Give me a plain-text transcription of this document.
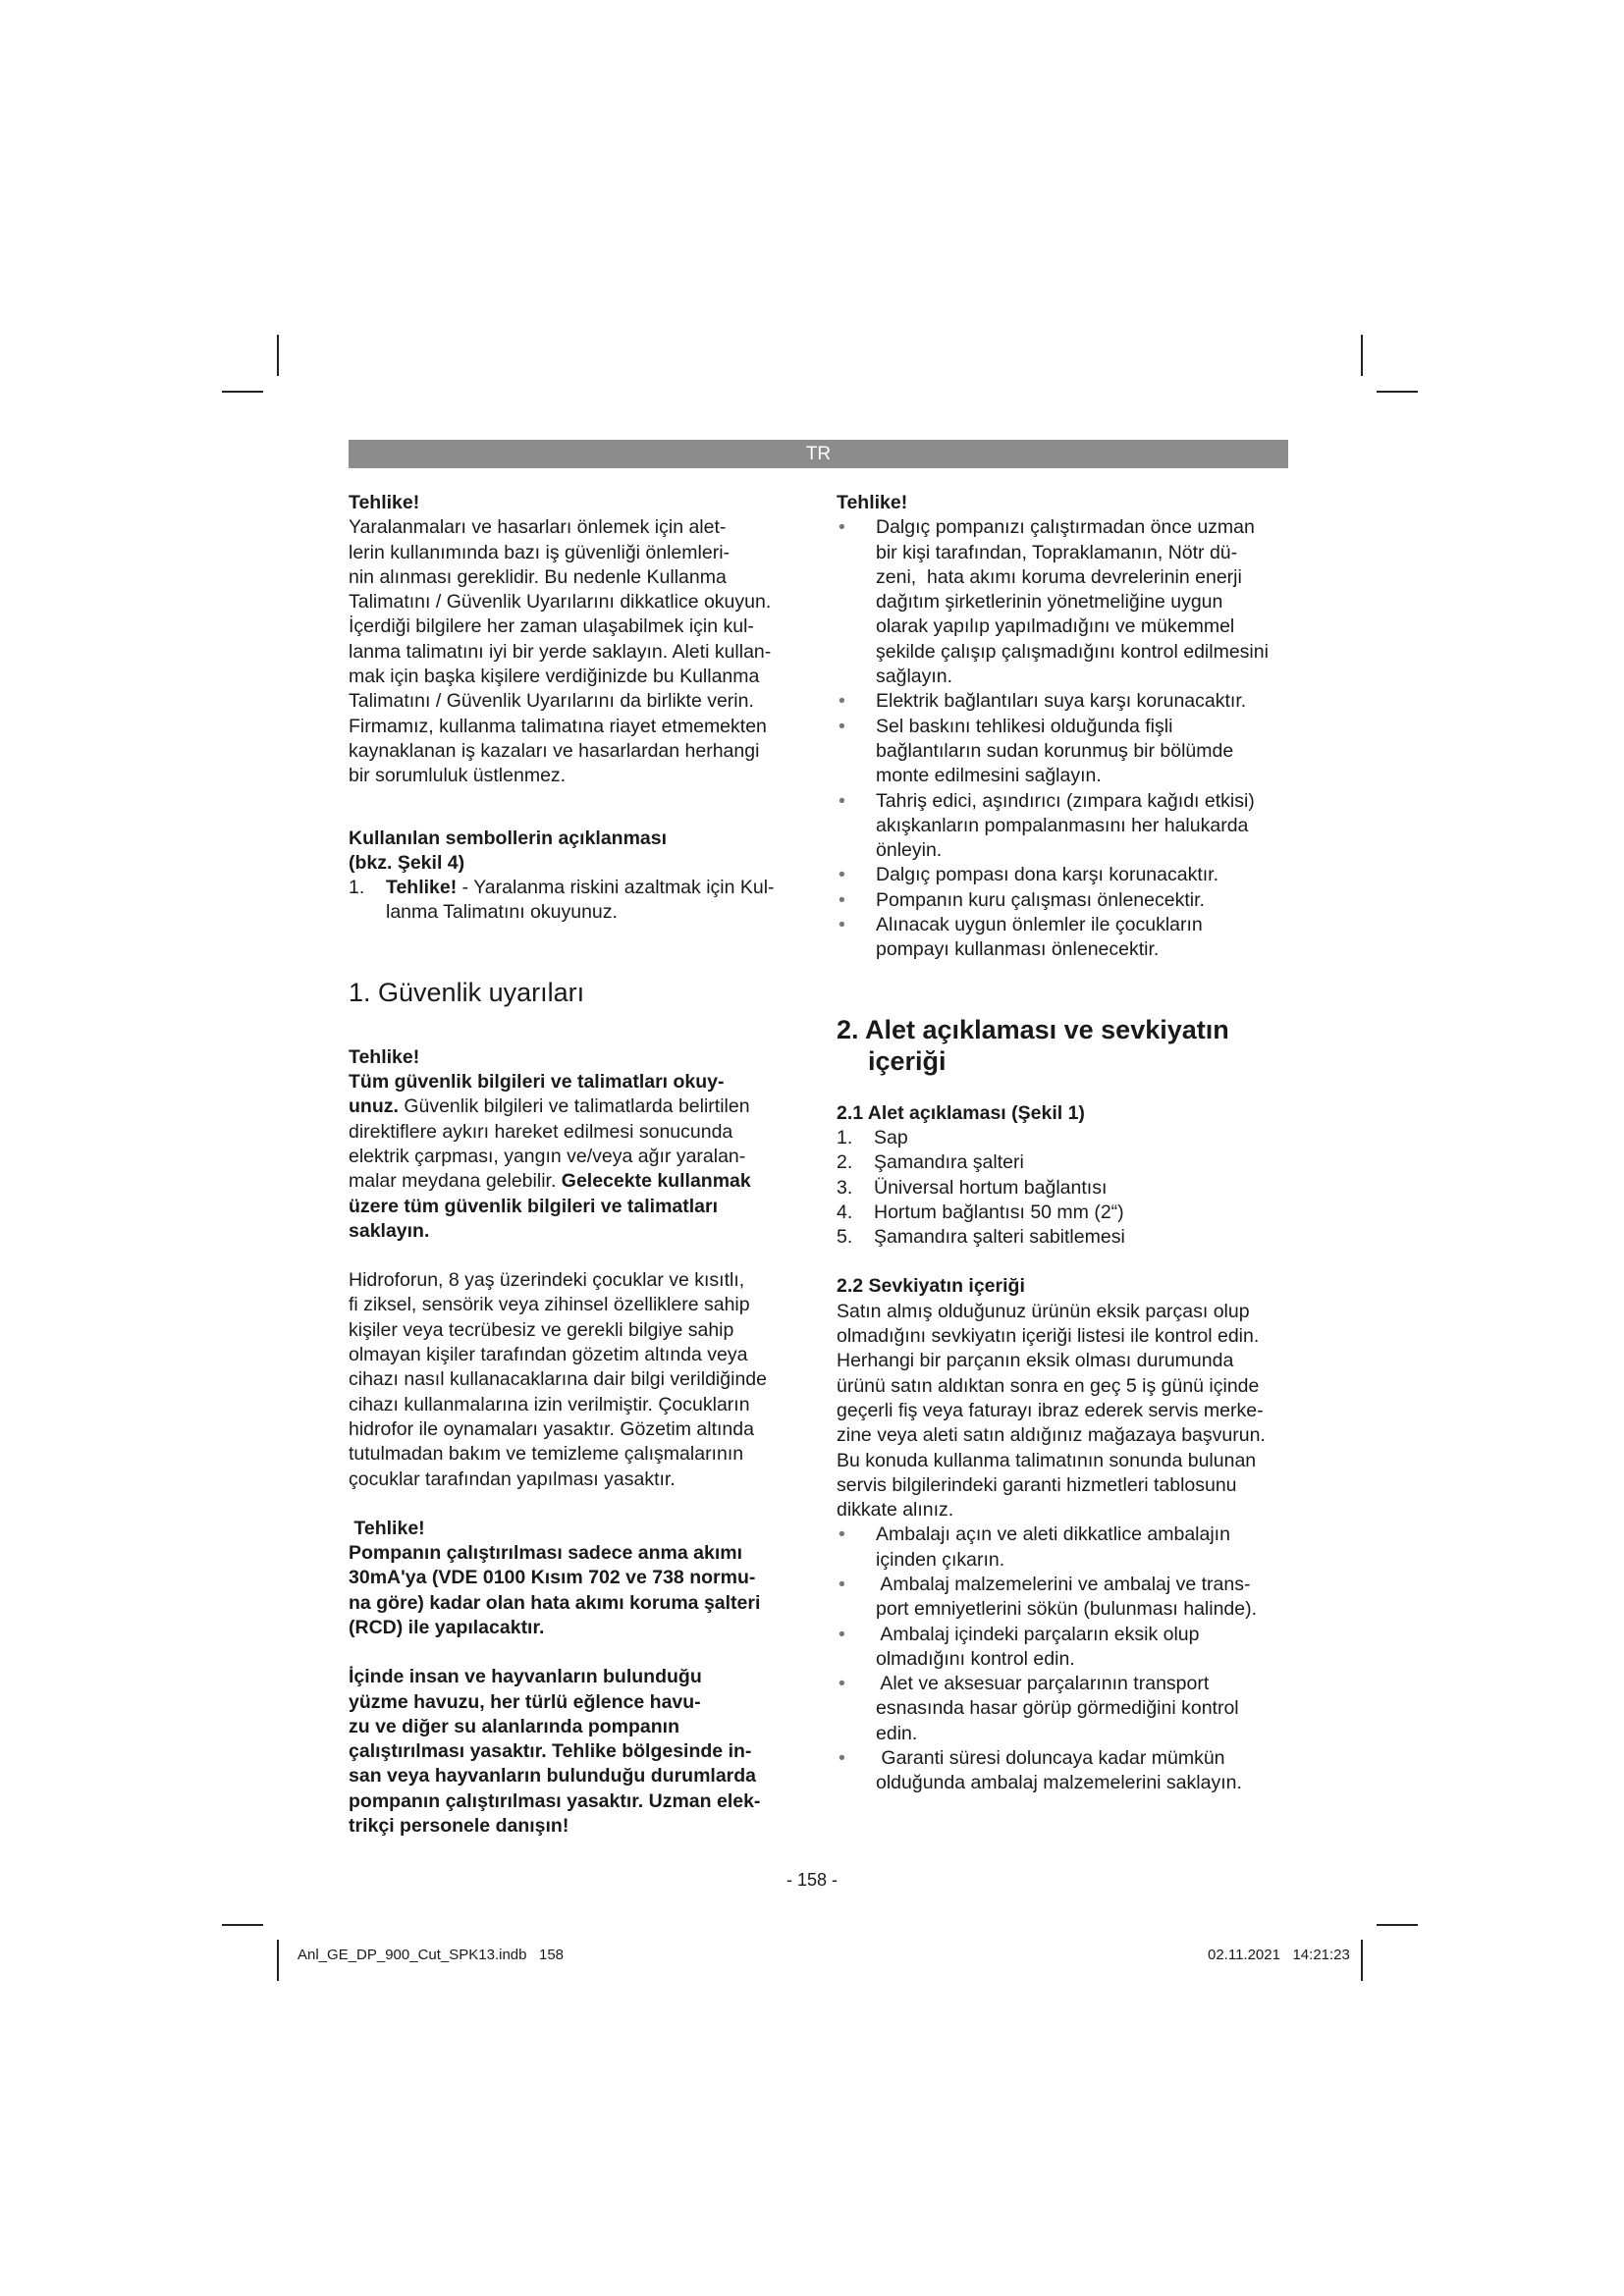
TR

Tehlike!

Yaralanmaları ve hasarları önlemek için alet-

lerin kullanımında bazı iş güvenliği önlemleri-

nin alınması gereklidir. Bu nedenle Kullanma

Talimatını / Güvenlik Uyarılarını dikkatlice okuyun.

İçerdiği bilgilere her zaman ulaşabilmek için kul-

lanma talimatını iyi bir yerde saklayın. Aleti kullan-

mak için başka kişilere verdiğinizde bu Kullanma

Talimatını / Güvenlik Uyarılarını da birlikte verin.

Firmamız, kullanma talimatına riayet etmemekten

kaynaklanan iş kazaları ve hasarlardan herhangi

bir sorumluluk üstlenmez.

Kullanılan sembollerin açıklanması

(bkz. Şekil 4)

1. Tehlike! - Yaralanma riskini azaltmak için Kul-

lanma Talimatını okuyunuz.

1. Güvenlik uyarıları

Tehlike!

Tüm güvenlik bilgileri ve talimatları okuy-

unuz. Güvenlik bilgileri ve talimatlarda belirtilen

direktiflere aykırı hareket edilmesi sonucunda

elektrik çarpması, yangın ve/veya ağır yaralan-

malar meydana gelebilir. Gelecekte kullanmak

üzere tüm güvenlik bilgileri ve talimatları

saklayın.

Hidroforun, 8 yaş üzerindeki çocuklar ve kısıtlı,

fi ziksel, sensörik veya zihinsel özelliklere sahip

kişiler veya tecrübesiz ve gerekli bilgiye sahip

olmayan kişiler tarafından gözetim altında veya

cihazı nasıl kullanacaklarına dair bilgi verildiğinde

cihazı kullanmalarına izin verilmiştir. Çocukların

hidrofor ile oynamaları yasaktır. Gözetim altında

tutulmadan bakım ve temizleme çalışmalarının

çocuklar tarafından yapılması yasaktır.

Tehlike!

Pompanın çalıştırılması sadece anma akımı

30mA'ya (VDE 0100 Kısım 702 ve 738 normu-

na göre) kadar olan hata akımı koruma şalteri

(RCD) ile yapılacaktır.

İçinde insan ve hayvanların bulunduğu

yüzme havuzu, her türlü eğlence havu-

zu ve diğer su alanlarında pompanın

çalıştırılması yasaktır. Tehlike bölgesinde in-

san veya hayvanların bulunduğu durumlarda

pompanın çalıştırılması yasaktır. Uzman elek-

trikçi personele danışın!

Tehlike!

• Dalgıç pompanızı çalıştırmadan önce uzman

bir kişi tarafından, Topraklamanın, Nötr dü-

zeni,  hata akımı koruma devrelerinin enerji

dağıtım şirketlerinin yönetmeliğine uygun

olarak yapılıp yapılmadığını ve mükemmel

şekilde çalışıp çalışmadığını kontrol edilmesini

sağlayın.

• Elektrik bağlantıları suya karşı korunacaktır.

• Sel baskını tehlikesi olduğunda fişli

bağlantıların sudan korunmuş bir bölümde

monte edilmesini sağlayın.

• Tahriş edici, aşındırıcı (zımpara kağıdı etkisi)

akışkanların pompalanmasını her halukarda

önleyin.

• Dalgıç pompası dona karşı korunacaktır.

• Pompanın kuru çalışması önlenecektir.

• Alınacak uygun önlemler ile çocukların

pompayı kullanması önlenecektir.

2. Alet açıklaması ve sevkiyatın

içeriği

2.1 Alet açıklaması (Şekil 1)

1. Sap
2. Şamandıra şalteri
3. Üniversal hortum bağlantısı
4. Hortum bağlantısı 50 mm (2“)
5. Şamandıra şalteri sabitlemesi

2.2 Sevkiyatın içeriği

Satın almış olduğunuz ürünün eksik parçası olup

olmadığını sevkiyatın içeriği listesi ile kontrol edin.

Herhangi bir parçanın eksik olması durumunda

ürünü satın aldıktan sonra en geç 5 iş günü içinde

geçerli fiş veya faturayı ibraz ederek servis merke-

zine veya aleti satın aldığınız mağazaya başvurun.

Bu konuda kullanma talimatının sonunda bulunan

servis bilgilerindeki garanti hizmetleri tablosunu

dikkate alınız.

• Ambalajı açın ve aleti dikkatlice ambalajın

içinden çıkarın.

•  Ambalaj malzemelerini ve ambalaj ve trans-

port emniyetlerini sökün (bulunması halinde).

•  Ambalaj içindeki parçaların eksik olup

olmadığını kontrol edin.

•  Alet ve aksesuar parçalarının transport

esnasında hasar görüp görmediğini kontrol

edin.

•  Garanti süresi doluncaya kadar mümkün

olduğunda ambalaj malzemelerini saklayın.

- 158 -
Anl_GE_DP_900_Cut_SPK13.indb   158	02.11.2021   14:21:23
